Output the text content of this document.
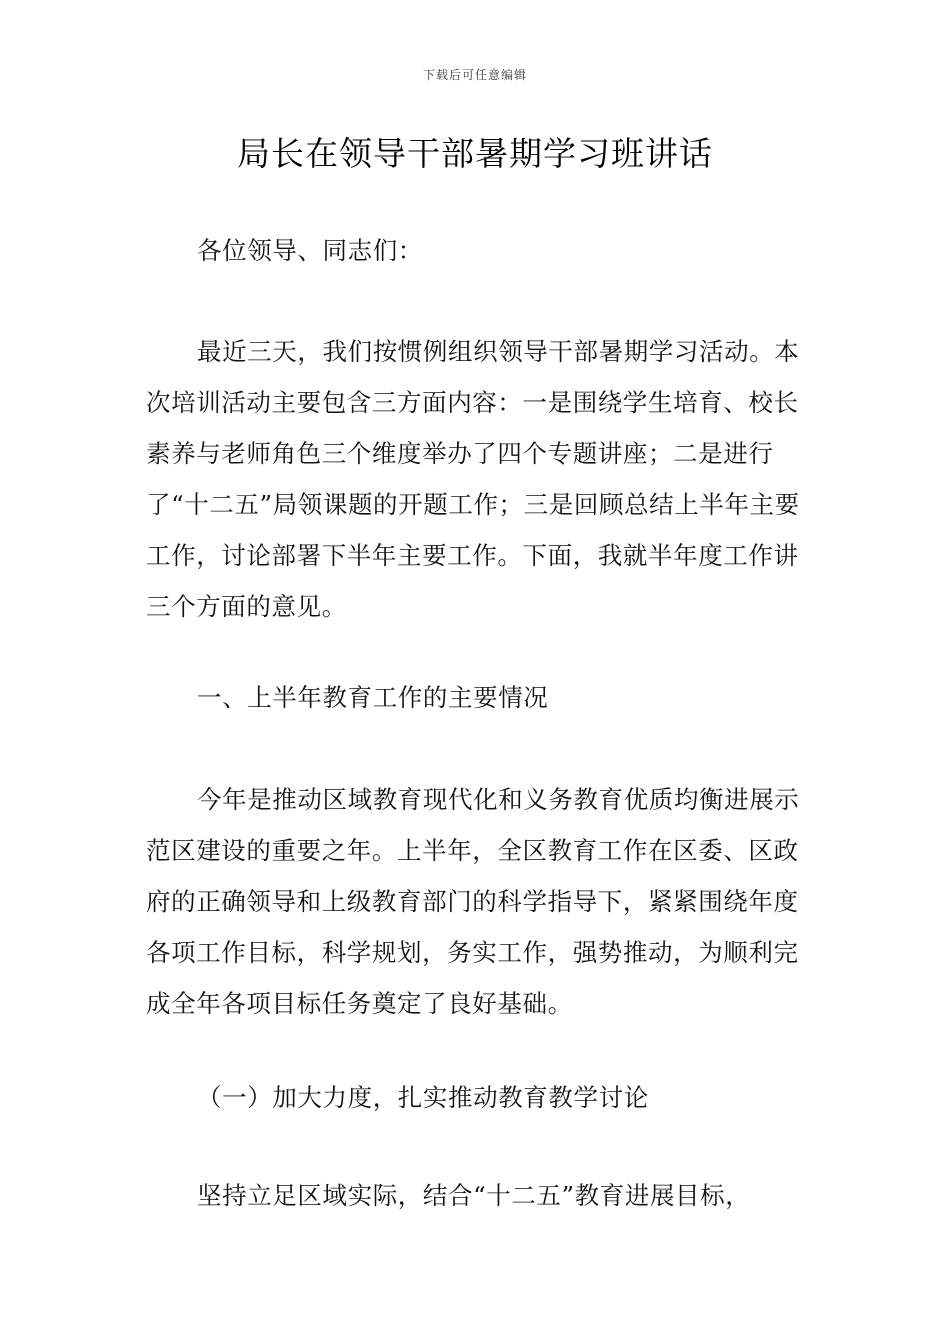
下载后可任意编辑
局长在领导干部暑期学习班讲话

各位领导、同志们：

最近三天，我们按惯例组织领导干部暑期学习活动。本次培训活动主要包含三方面内容：一是围绕学生培育、校长素养与老师角色三个维度举办了四个专题讲座；二是进行了“十二五”局领课题的开题工作；三是回顾总结上半年主要工作，讨论部署下半年主要工作。下面，我就半年度工作讲三个方面的意见。

一、上半年教育工作的主要情况

今年是推动区域教育现代化和义务教育优质均衡进展示范区建设的重要之年。上半年，全区教育工作在区委、区政府的正确领导和上级教育部门的科学指导下，紧紧围绕年度各项工作目标，科学规划，务实工作，强势推动，为顺利完成全年各项目标任务奠定了良好基础。

（一）加大力度，扎实推动教育教学讨论

坚持立足区域实际，结合“十二五”教育进展目标，
